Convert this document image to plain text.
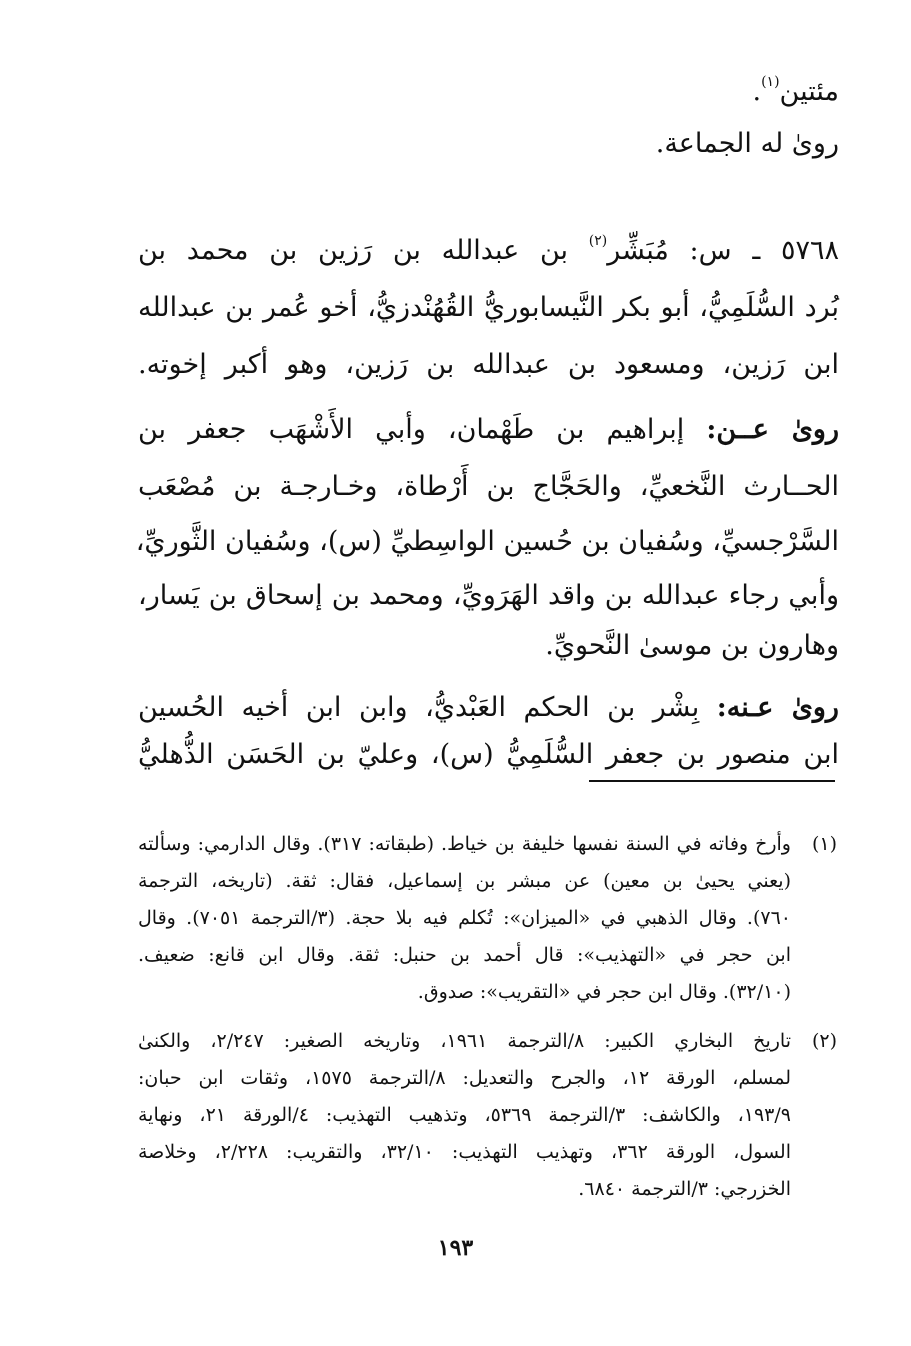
مئتين$^{(١)}$.
روىٰ له الجماعة.
٥٧٦٨ ـ س: مُبَشِّر$^{(٢)}$ بن عبدالله بن رَزين بن محمد بن
بُرد السُّلَمِيُّ، أبو بكر النَّيسابوريُّ القُهُنْدزيُّ، أخو عُمر بن عبدالله
ابن رَزين، ومسعود بن عبدالله بن رَزين، وهو أكبر إخوته.
روىٰ عــن: إبراهيم بن طَهْمان، وأبي الأَشْهَب جعفر بن
الحــارث النَّخعيِّ، والحَجَّاج بن أَرْطاة، وخـارجـة بن مُصْعَب
السَّرْجسيِّ، وسُفيان بن حُسين الواسِطيِّ (س)، وسُفيان الثَّوريِّ،
وأبي رجاء عبدالله بن واقد الهَرَويِّ، ومحمد بن إسحاق بن يَسار،
وهارون بن موسىٰ النَّحويِّ.
روىٰ عـنه: بِشْر بن الحكم العَبْديُّ، وابن ابن أخيه الحُسين
ابن منصور بن جعفر السُّلَمِيُّ (س)، وعليّ بن الحَسَن الذُّهليُّ
(١)
وأرخ وفاته في السنة نفسها خليفة بن خياط. (طبقاته: ٣١٧). وقال الدارمي: وسألته
(يعني يحيىٰ بن معين) عن مبشر بن إسماعيل، فقال: ثقة. (تاريخه، الترجمة
٧٦٠). وقال الذهبي في «الميزان»: تُكلم فيه بلا حجة. (٣/الترجمة ٧٠٥١). وقال
ابن حجر في «التهذيب»: قال أحمد بن حنبل: ثقة. وقال ابن قانع: ضعيف.
(٣٢/١٠). وقال ابن حجر في «التقريب»: صدوق.
(٢)
تاريخ البخاري الكبير: ٨/الترجمة ١٩٦١، وتاريخه الصغير: ٢/٢٤٧، والكنىٰ
لمسلم، الورقة ١٢، والجرح والتعديل: ٨/الترجمة ١٥٧٥، وثقات ابن حبان:
١٩٣/٩، والكاشف: ٣/الترجمة ٥٣٦٩، وتذهيب التهذيب: ٤/الورقة ٢١، ونهاية
السول، الورقة ٣٦٢، وتهذيب التهذيب: ٣٢/١٠، والتقريب: ٢/٢٢٨، وخلاصة
الخزرجي: ٣/الترجمة ٦٨٤٠.
١٩٣
